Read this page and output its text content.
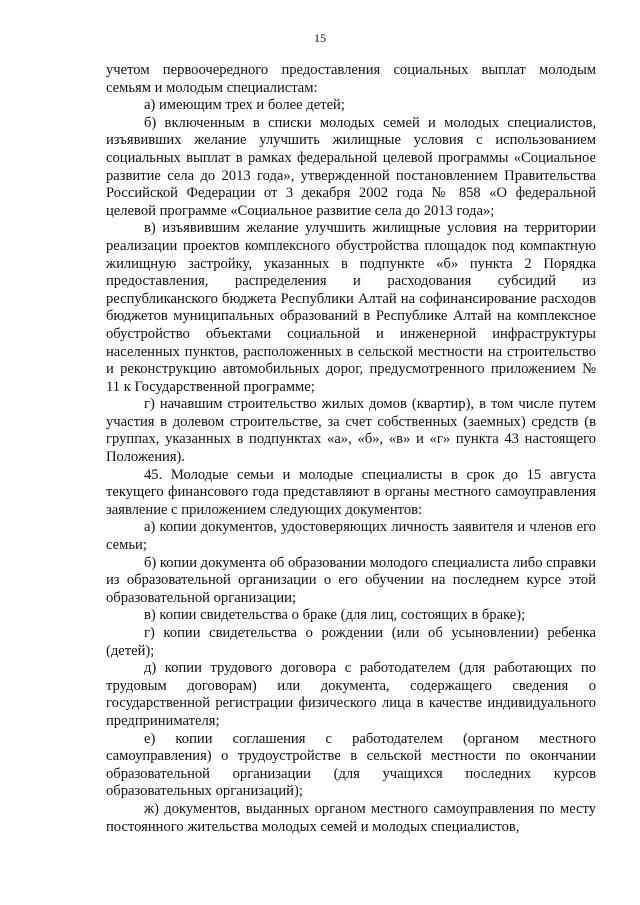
15

учетом первоочередного предоставления социальных выплат молодым семьям и молодым специалистам:

а) имеющим трех и более детей;

б) включенным в списки молодых семей и молодых специалистов, изъявивших желание улучшить жилищные условия с использованием социальных выплат в рамках федеральной целевой программы «Социальное развитие села до 2013 года», утвержденной постановлением Правительства Российской Федерации от 3 декабря 2002 года № 858 «О федеральной целевой программе «Социальное развитие села до 2013 года»;

в) изъявившим желание улучшить жилищные условия на территории реализации проектов комплексного обустройства площадок под компактную жилищную застройку, указанных в подпункте «б» пункта 2 Порядка предоставления, распределения и расходования субсидий из республиканского бюджета Республики Алтай на софинансирование расходов бюджетов муниципальных образований в Республике Алтай на комплексное обустройство объектами социальной и инженерной инфраструктуры населенных пунктов, расположенных в сельской местности на строительство и реконструкцию автомобильных дорог, предусмотренного приложением № 11 к Государственной программе;

г) начавшим строительство жилых домов (квартир), в том числе путем участия в долевом строительстве, за счет собственных (заемных) средств (в группах, указанных в подпунктах «а», «б», «в» и «г» пункта 43 настоящего Положения).

45. Молодые семьи и молодые специалисты в срок до 15 августа текущего финансового года представляют в органы местного самоуправления заявление с приложением следующих документов:

а) копии документов, удостоверяющих личность заявителя и членов его семьи;

б) копии документа об образовании молодого специалиста либо справки из образовательной организации о его обучении на последнем курсе этой образовательной организации;

в) копии свидетельства о браке (для лиц, состоящих в браке);

г) копии свидетельства о рождении (или об усыновлении) ребенка (детей);

д) копии трудового договора с работодателем (для работающих по трудовым договорам) или документа, содержащего сведения о государственной регистрации физического лица в качестве индивидуального предпринимателя;

е) копии соглашения с работодателем (органом местного самоуправления) о трудоустройстве в сельской местности по окончании образовательной организации (для учащихся последних курсов образовательных организаций);

ж) документов, выданных органом местного самоуправления по месту постоянного жительства молодых семей и молодых специалистов,
